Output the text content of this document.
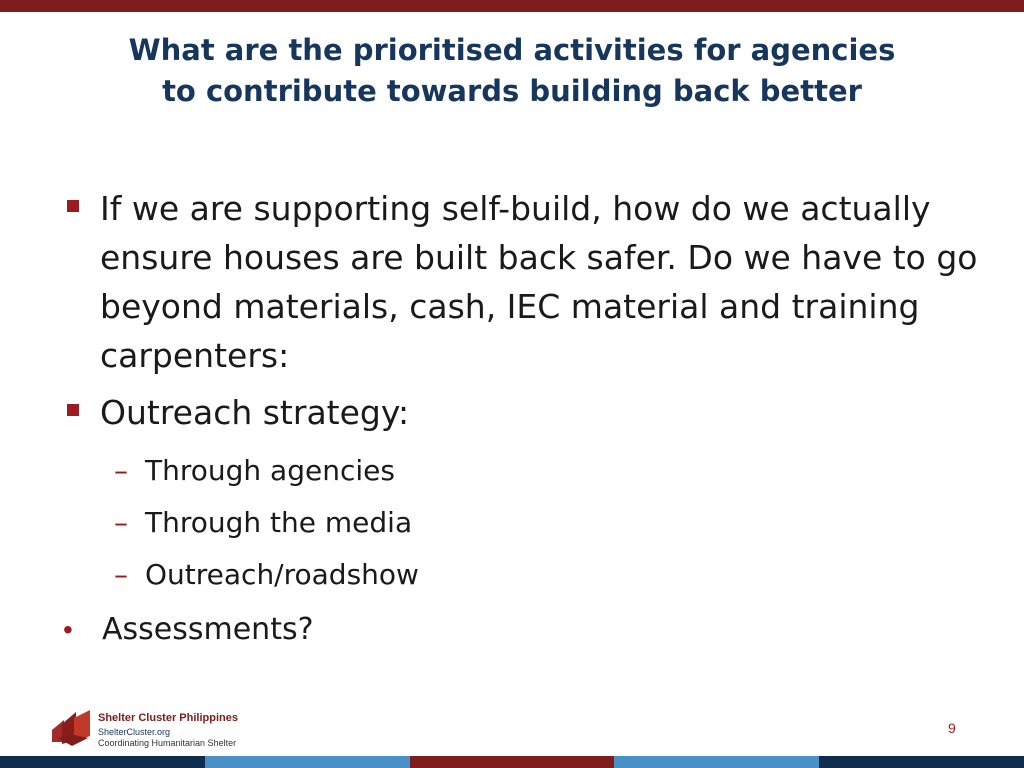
What are the prioritised activities for agencies
to contribute towards building back better
If we are supporting self-build, how do we actually ensure houses are built back safer. Do we have to go beyond materials, cash, IEC material and training carpenters:
Outreach strategy:
– Through agencies
– Through the media
– Outreach/roadshow
• Assessments?
Shelter Cluster Philippines
ShelterCluster.org
Coordinating Humanitarian Shelter
9
